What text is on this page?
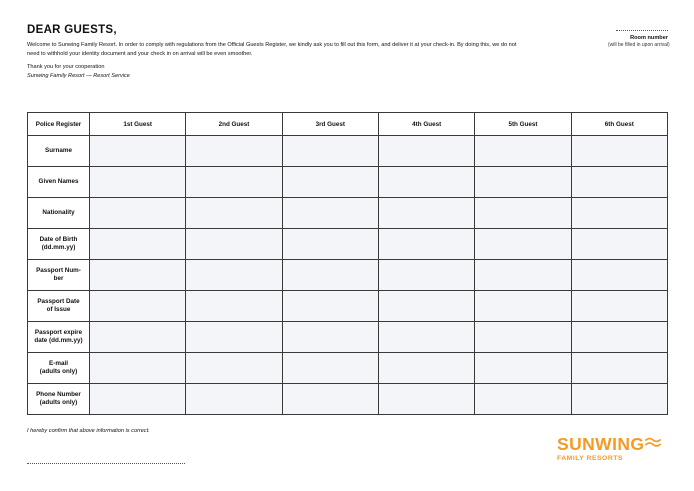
DEAR GUESTS,

Welcome to Sunwing Family Resort. In order to comply with regulations from the Official Guests Register, we kindly ask you to fill out this form, and deliver it at your check-in. By doing this, we do not need to withhold your identity document and your check in on arrival will be even smoother.

Thank you for your cooperation
Sunwing Family Resort — Resort Service
Room number
(will be filled in upon arrival)
Police Register	1st Guest	2nd Guest	3rd Guest	4th Guest	5th Guest	6th Guest

Surname						

Given Names						

Nationality						

Date of Birth
(dd.mm.yy)						

Passport Num-
ber						

Passport Date
of Issue						

Passport expire
date (dd.mm.yy)						

E-mail
(adults only)						

Phone Number
(adults only)						

I hereby confirm that above information is correct.
SUNWING
FAMILY RESORTS
